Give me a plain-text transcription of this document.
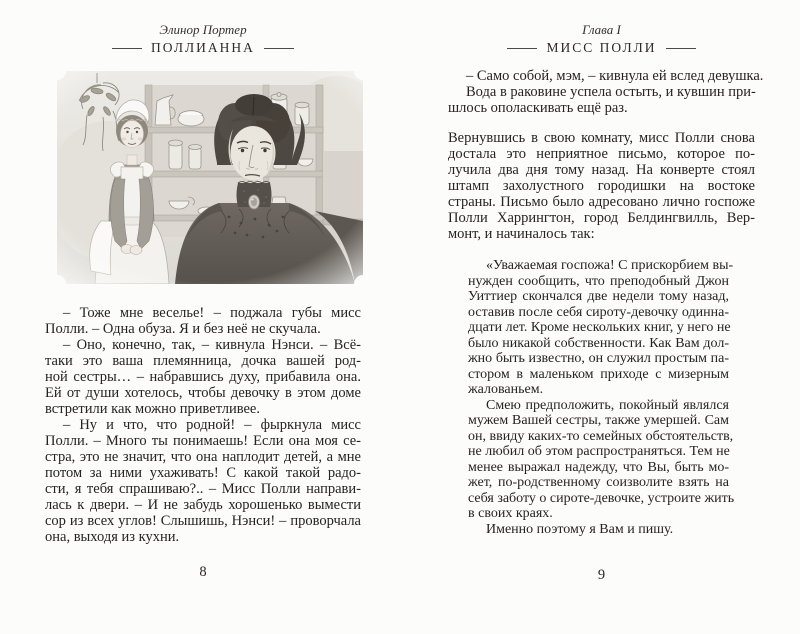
Элинор Портер
ПОЛЛИАННА
– Тоже мне веселье! – поджала губы мисс
Полли. – Одна обуза. Я и без неё не скучала.
– Оно, конечно, так, – кивнула Нэнси. – Всё-
таки это ваша племянница, дочка вашей род-
ной сестры… – набравшись духу, прибавила она.
Ей от души хотелось, чтобы девочку в этом доме
встретили как можно приветливее.
– Ну и что, что родной! – фыркнула мисс
Полли. – Много ты понимаешь! Если она моя се-
стра, это не значит, что она наплодит детей, а мне
потом за ними ухаживать! С какой такой радо-
сти, я тебя спрашиваю?.. – Мисс Полли направи-
лась к двери. – И не забудь хорошенько вымести
сор из всех углов! Слышишь, Нэнси! – проворчала
она, выходя из кухни.
8
Глава I
МИСС ПОЛЛИ
– Само собой, мэм, – кивнула ей вслед девушка.
Вода в раковине успела остыть, и кувшин при-
шлось ополаскивать ещё раз.
Вернувшись в свою комнату, мисс Полли снова
достала это неприятное письмо, которое по-
лучила два дня тому назад. На конверте стоял
штамп захолустного городишки на востоке
страны. Письмо было адресовано лично госпоже
Полли Харрингтон, город Белдингвилль, Вер-
монт, и начиналось так:
«Уважаемая госпожа! С прискорбием вы-
нужден сообщить, что преподобный Джон
Уиттиер скончался две недели тому назад,
оставив после себя сироту-девочку одинна-
дцати лет. Кроме нескольких книг, у него не
было никакой собственности. Как Вам дол-
жно быть известно, он служил простым па-
стором в маленьком приходе с мизерным
жалованьем.
Смею предположить, покойный являлся
мужем Вашей сестры, также умершей. Сам
он, ввиду каких-то семейных обстоятельств,
не любил об этом распространяться. Тем не
менее выражал надежду, что Вы, быть мо-
жет, по-родственному соизволите взять на
себя заботу о сироте-девочке, устроите жить
в своих краях.
Именно поэтому я Вам и пишу.
9
